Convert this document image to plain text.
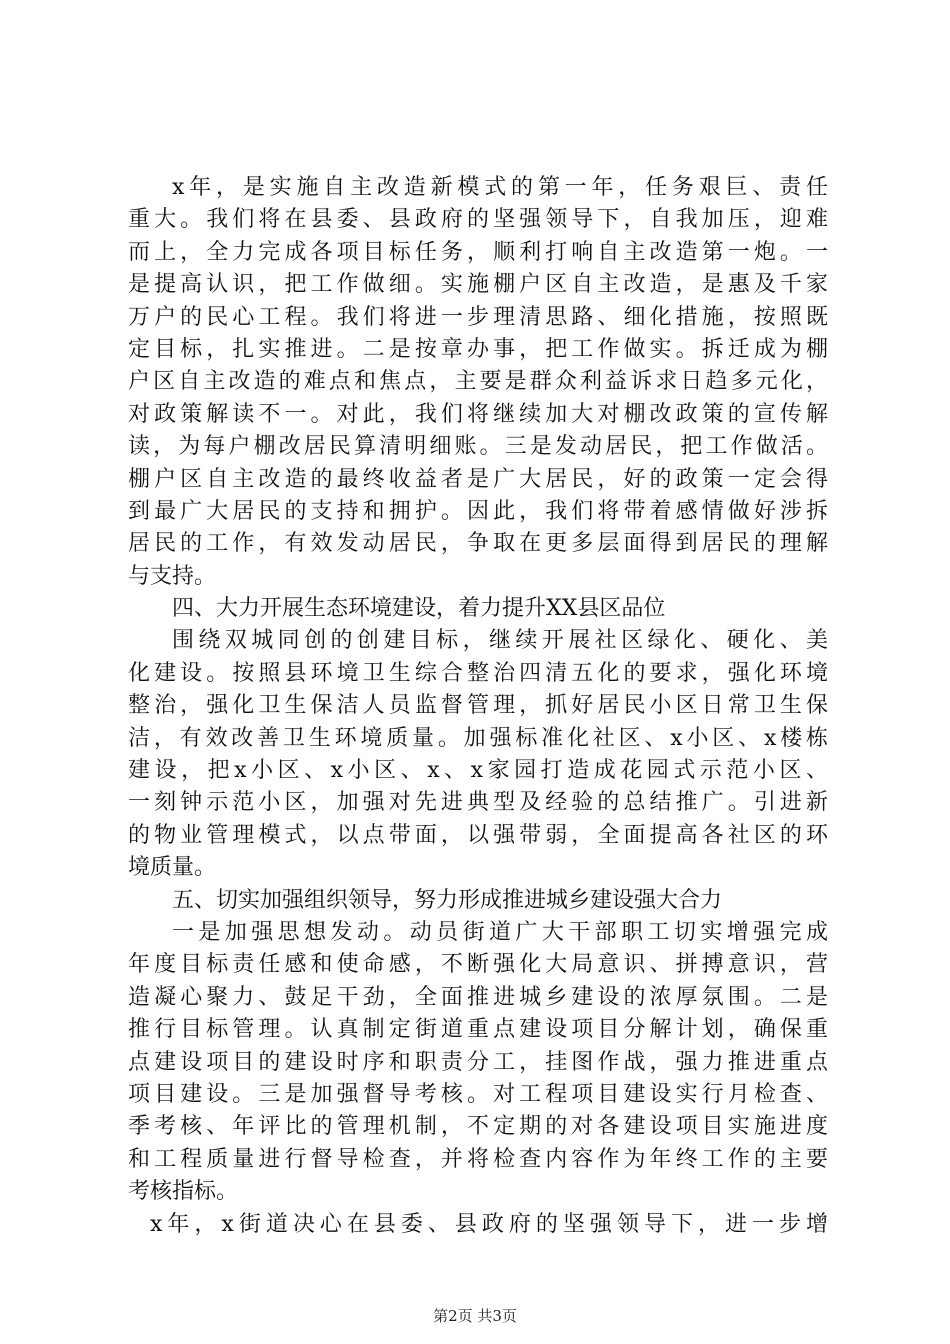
x年，是实施自主改造新模式的第一年，任务艰巨、责任
重大。我们将在县委、县政府的坚强领导下，自我加压，迎难
而上，全力完成各项目标任务，顺利打响自主改造第一炮。一
是提高认识，把工作做细。实施棚户区自主改造，是惠及千家
万户的民心工程。我们将进一步理清思路、细化措施，按照既
定目标，扎实推进。二是按章办事，把工作做实。拆迁成为棚
户区自主改造的难点和焦点，主要是群众利益诉求日趋多元化，
对政策解读不一。对此，我们将继续加大对棚改政策的宣传解
读，为每户棚改居民算清明细账。三是发动居民，把工作做活。
棚户区自主改造的最终收益者是广大居民，好的政策一定会得
到最广大居民的支持和拥护。因此，我们将带着感情做好涉拆
居民的工作，有效发动居民，争取在更多层面得到居民的理解
与支持。
四、大力开展生态环境建设，着力提升XX县区品位
围绕双城同创的创建目标，继续开展社区绿化、硬化、美
化建设。按照县环境卫生综合整治四清五化的要求，强化环境
整治，强化卫生保洁人员监督管理，抓好居民小区日常卫生保
洁，有效改善卫生环境质量。加强标准化社区、x小区、x楼栋
建设，把x小区、x小区、x、x家园打造成花园式示范小区、
一刻钟示范小区，加强对先进典型及经验的总结推广。引进新
的物业管理模式，以点带面，以强带弱，全面提高各社区的环
境质量。
五、切实加强组织领导，努力形成推进城乡建设强大合力
一是加强思想发动。动员街道广大干部职工切实增强完成
年度目标责任感和使命感，不断强化大局意识、拼搏意识，营
造凝心聚力、鼓足干劲，全面推进城乡建设的浓厚氛围。二是
推行目标管理。认真制定街道重点建设项目分解计划，确保重
点建设项目的建设时序和职责分工，挂图作战，强力推进重点
项目建设。三是加强督导考核。对工程项目建设实行月检查、
季考核、年评比的管理机制，不定期的对各建设项目实施进度
和工程质量进行督导检查，并将检查内容作为年终工作的主要
考核指标。
x年，x街道决心在县委、县政府的坚强领导下，进一步增
第2页 共3页
